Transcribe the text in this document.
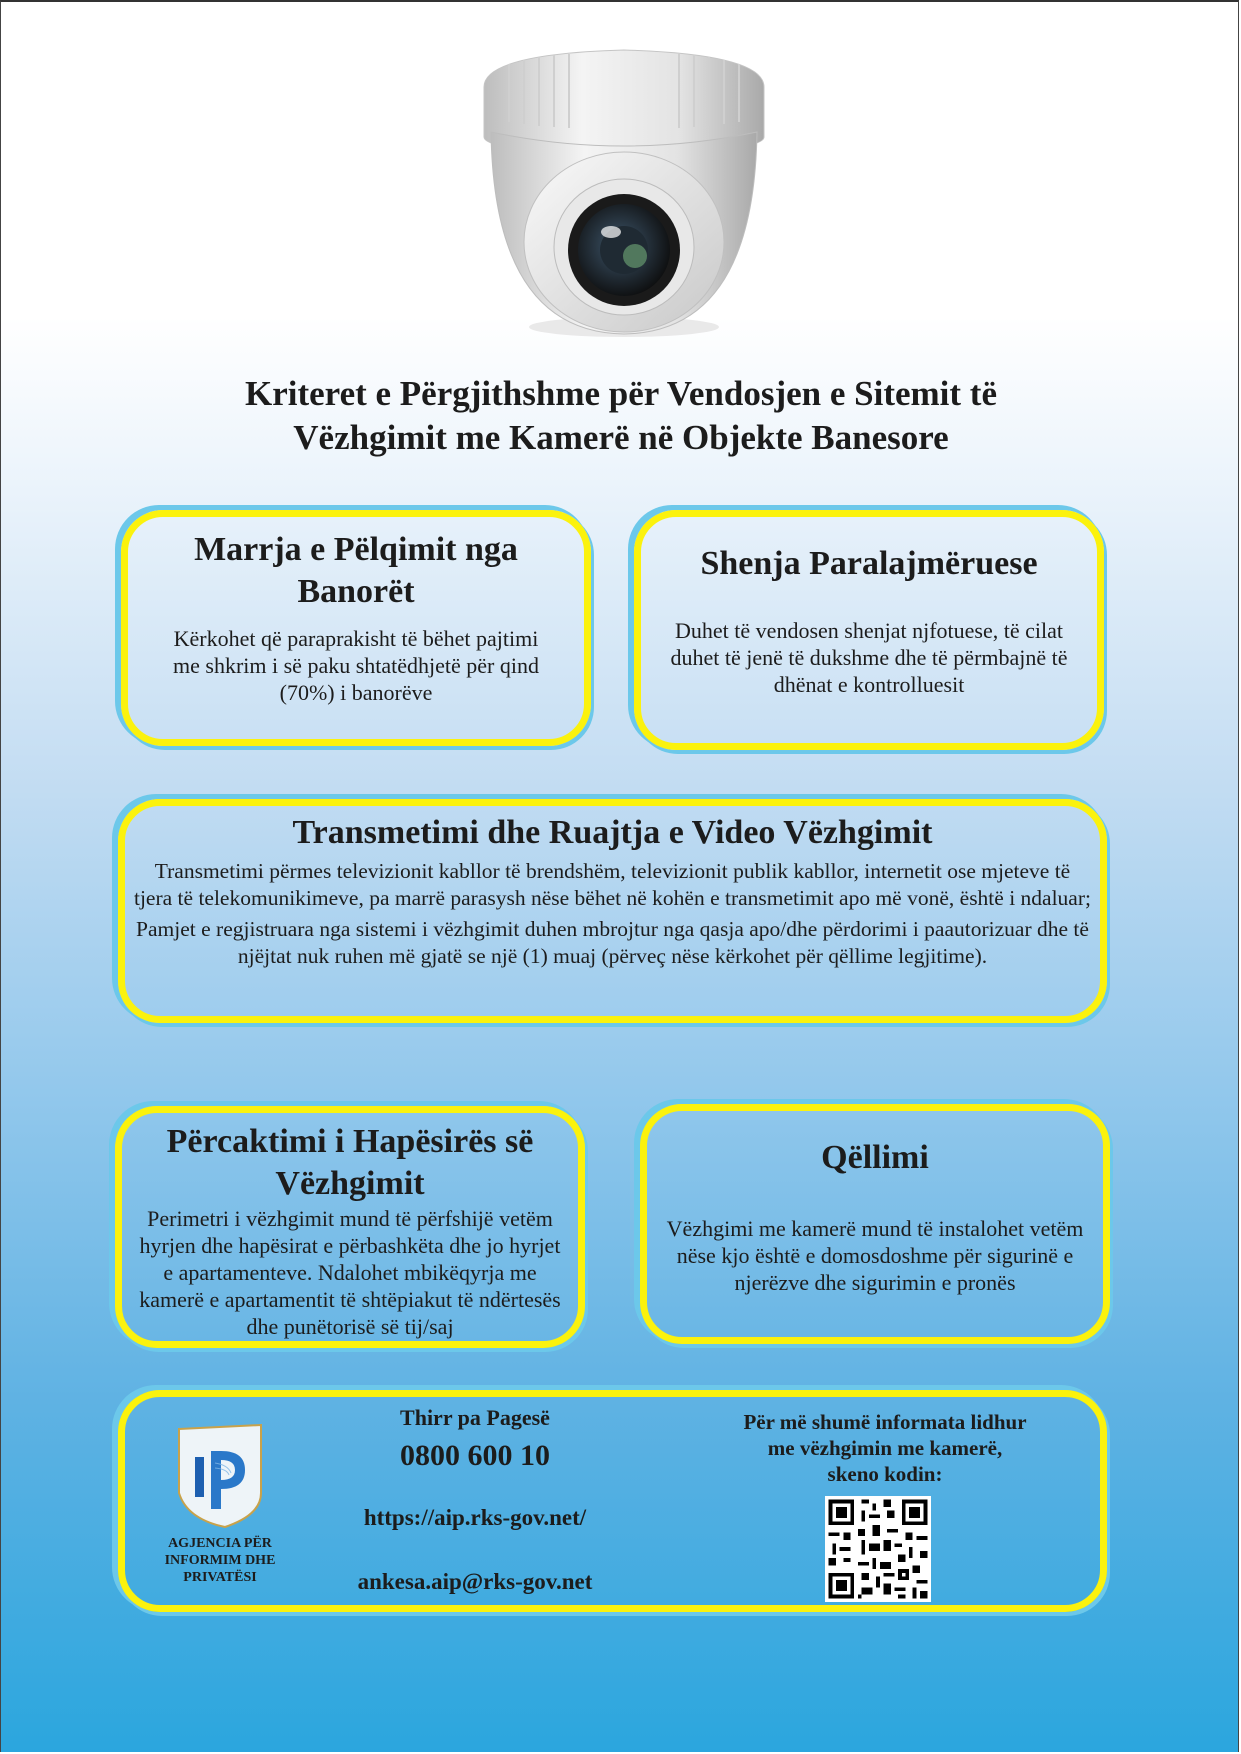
Kriteret e Përgjithshme për Vendosjen e Sitemit të
Vëzhgimit me Kamerë në Objekte Banesore
Marrja e Pëlqimit nga Banorët

Kërkohet që paraprakisht të bëhet pajtimi me shkrim i së paku shtatëdhjetë për qind (70%) i banorëve

Shenja Paralajmëruese

Duhet të vendosen shenjat njfotuese, të cilat duhet të jenë të dukshme dhe të përmbajnë të dhënat e kontrolluesit

Transmetimi dhe Ruajtja e Video Vëzhgimit

Transmetimi përmes televizionit kabllor të brendshëm, televizionit publik kabllor, internetit ose mjeteve të tjera të telekomunikimeve, pa marrë parasysh nëse bëhet në kohën e transmetimit apo më vonë, është i ndaluar;

Pamjet e regjistruara nga sistemi i vëzhgimit duhen mbrojtur nga qasja apo/dhe përdorimi i paautorizuar dhe të njëjtat nuk ruhen më gjatë se një (1) muaj (përveç nëse kërkohet për qëllime legjitime).

Përcaktimi i Hapësirës së Vëzhgimit

Perimetri i vëzhgimit mund të përfshijë vetëm hyrjen dhe hapësirat e përbashkëta dhe jo hyrjet e apartamenteve. Ndalohet mbikëqyrja me kamerë e apartamentit të shtëpiakut të ndërtesës dhe punëtorisë së tij/saj

Qëllimi

Vëzhgimi me kamerë mund të instalohet vetëm nëse kjo është e domosdoshme për sigurinë e njerëzve dhe sigurimin e pronës

AGJENCIA PËR
INFORMIM DHE
PRIVATËSI
Thirr pa Pagesë
0800 600 10
https://aip.rks-gov.net/
ankesa.aip@rks-gov.net
Për më shumë informata lidhur
me vëzhgimin me kamerë,
skeno kodin:
